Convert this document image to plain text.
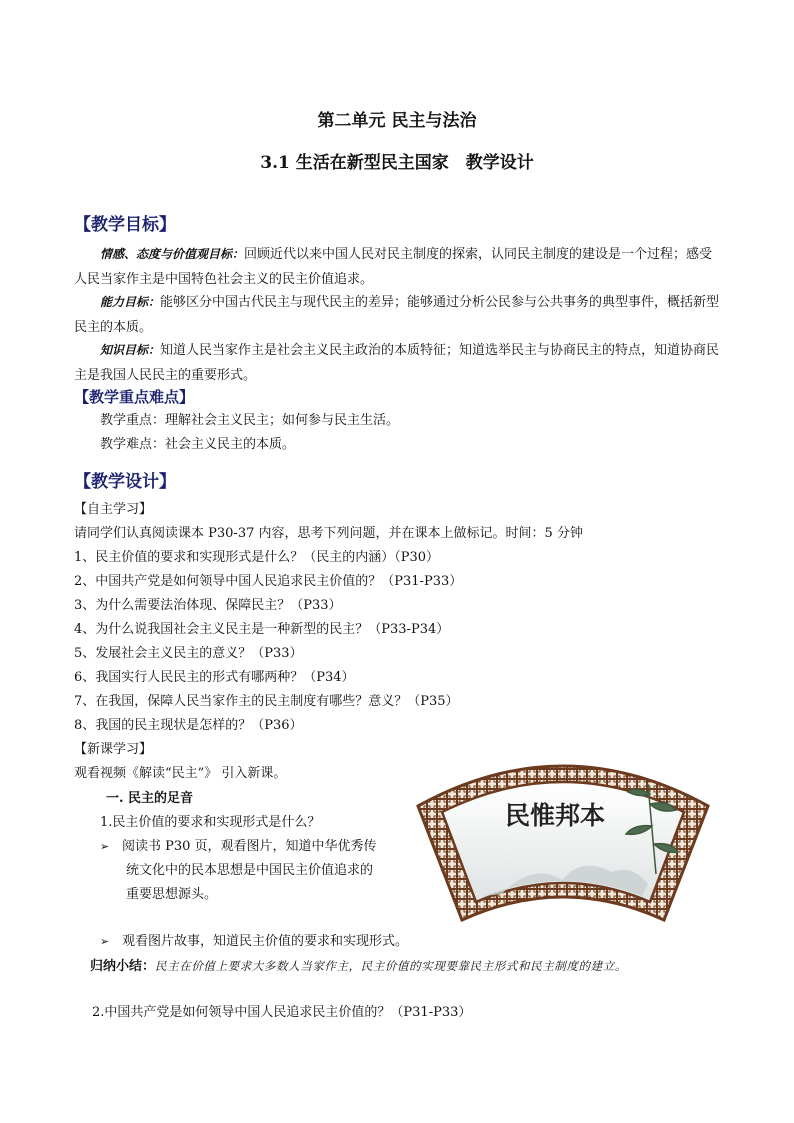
第二单元 民主与法治
3.1 生活在新型民主国家　教学设计
【教学目标】
情感、态度与价值观目标：回顾近代以来中国人民对民主制度的探索，认同民主制度的建设是一个过程；感受人民当家作主是中国特色社会主义的民主价值追求。
能力目标：能够区分中国古代民主与现代民主的差异；能够通过分析公民参与公共事务的典型事件，概括新型民主的本质。
知识目标：知道人民当家作主是社会主义民主政治的本质特征；知道选举民主与协商民主的特点，知道协商民主是我国人民民主的重要形式。
【教学重点难点】
教学重点：理解社会主义民主；如何参与民主生活。
教学难点：社会主义民主的本质。
【教学设计】
【自主学习】
请同学们认真阅读课本 P30-37 内容，思考下列问题，并在课本上做标记。时间：5 分钟
1、民主价值的要求和实现形式是什么？（民主的内涵）（P30）
2、中国共产党是如何领导中国人民追求民主价值的？（P31-P33）
3、为什么需要法治体现、保障民主？（P33）
4、为什么说我国社会主义民主是一种新型的民主？（P33-P34）
5、发展社会主义民主的意义？（P33）
6、我国实行人民民主的形式有哪两种？（P34）
7、在我国，保障人民当家作主的民主制度有哪些？意义？（P35）
8、我国的民主现状是怎样的？（P36）
【新课学习】
观看视频《解读“民主”》 引入新课。
一. 民主的足音
1.民主价值的要求和实现形式是什么？
➢ 阅读书 P30 页，观看图片，知道中华优秀传
统文化中的民本思想是中国民主价值追求的
重要思想源头。
➢ 观看图片故事，知道民主价值的要求和实现形式。
归纳小结：民主在价值上要求大多数人当家作主，民主价值的实现要靠民主形式和民主制度的建立。
2.中国共产党是如何领导中国人民追求民主价值的？（P31-P33）
民惟邦本
